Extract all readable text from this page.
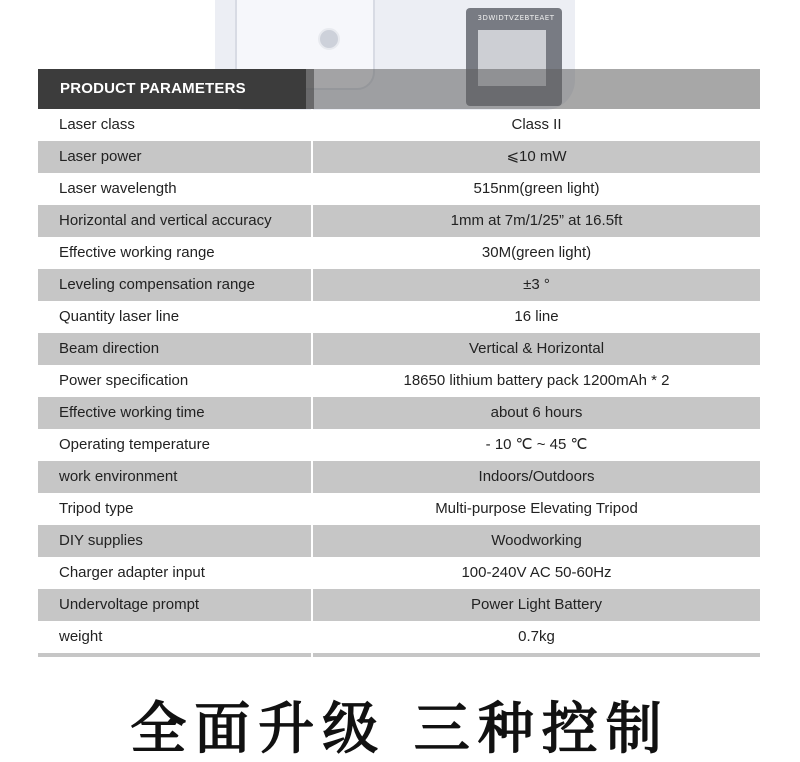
3DWIDTVZEBTEAET
PRODUCT PARAMETERS
Laser class	Class II
Laser power	⩽10 mW
Laser wavelength	515nm(green light)
Horizontal and vertical accuracy	1mm at 7m/1/25” at 16.5ft
Effective working range	30M(green light)
Leveling compensation range	±3 °
Quantity laser line	16 line
Beam direction	Vertical & Horizontal
Power specification	18650 lithium battery pack 1200mAh * 2
Effective working time	about 6 hours
Operating temperature	- 10 ℃ ~ 45 ℃
work environment	Indoors/Outdoors
Tripod type	Multi-purpose Elevating Tripod
DIY supplies	Woodworking
Charger adapter input	100-240V AC 50-60Hz
Undervoltage prompt	Power Light Battery
weight	0.7kg
全面升级 三种控制
